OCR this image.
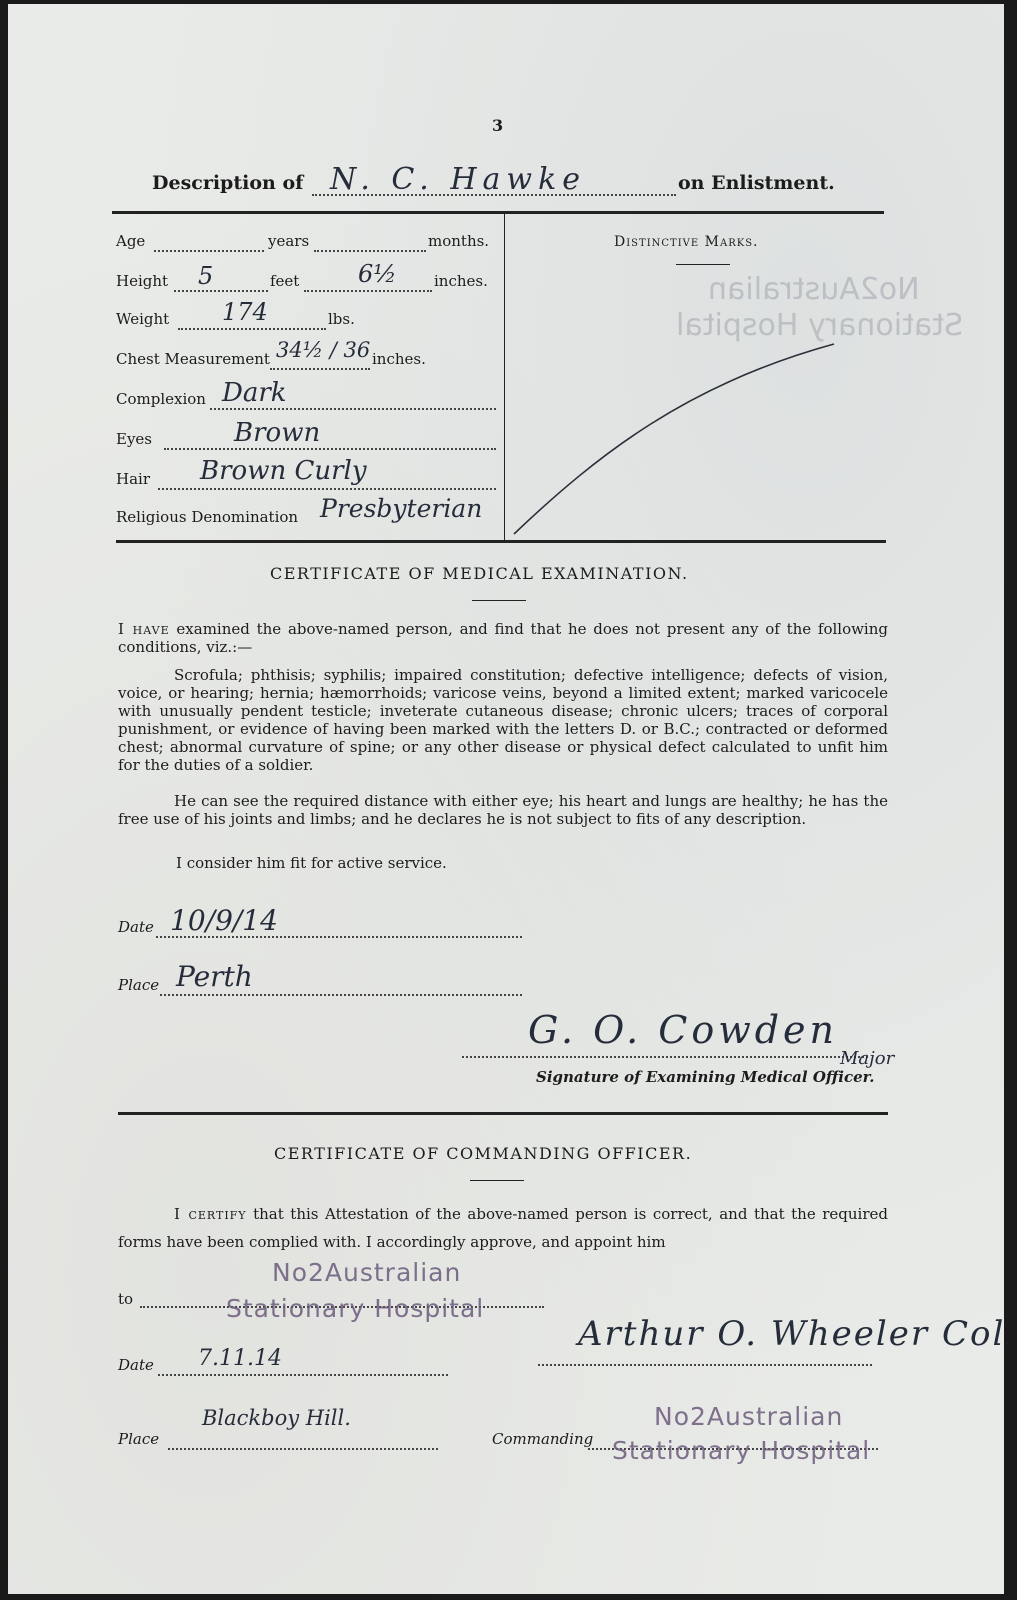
No2Australian
Stationary Hospital
3
Description of N. C. Hawke	on Enlistment.
Age	years	months.
Height 5	feet 6½ inches.
Weight 174	lbs.
Chest Measurement 34½ / 36 inches.
Complexion Dark
Eyes	Brown
Hair Brown Curly
Religious Denomination Presbyterian
Distinctive Marks.
CERTIFICATE OF MEDICAL EXAMINATION.
I have examined the above-named person, and find that he does not present any of the following conditions, viz.:—
Scrofula; phthisis; syphilis; impaired constitution; defective intelligence; defects of vision, voice, or hearing; hernia; hæmorrhoids; varicose veins, beyond a limited extent; marked varicocele with unusually pendent testicle; inveterate cutaneous disease; chronic ulcers; traces of corporal punishment, or evidence of having been marked with the letters D. or B.C.; contracted or deformed chest; abnormal curvature of spine; or any other disease or physical defect calculated to unfit him for the duties of a soldier.
He can see the required distance with either eye; his heart and lungs are healthy; he has the free use of his joints and limbs; and he declares he is not subject to fits of any description.
I consider him fit for active service.
Date 10/9/14
Place Perth
G. O. Cowden
Major
Signature of Examining Medical Officer.
CERTIFICATE OF COMMANDING OFFICER.
I certify that this Attestation of the above-named person is correct, and that the required forms have been complied with. I accordingly approve, and appoint him
to
No2Australian
Stationary Hospital
Date 7.11.14
Arthur O. Wheeler Col
Place
Blackboy Hill.
Commanding
No2Australian
Stationary Hospital
